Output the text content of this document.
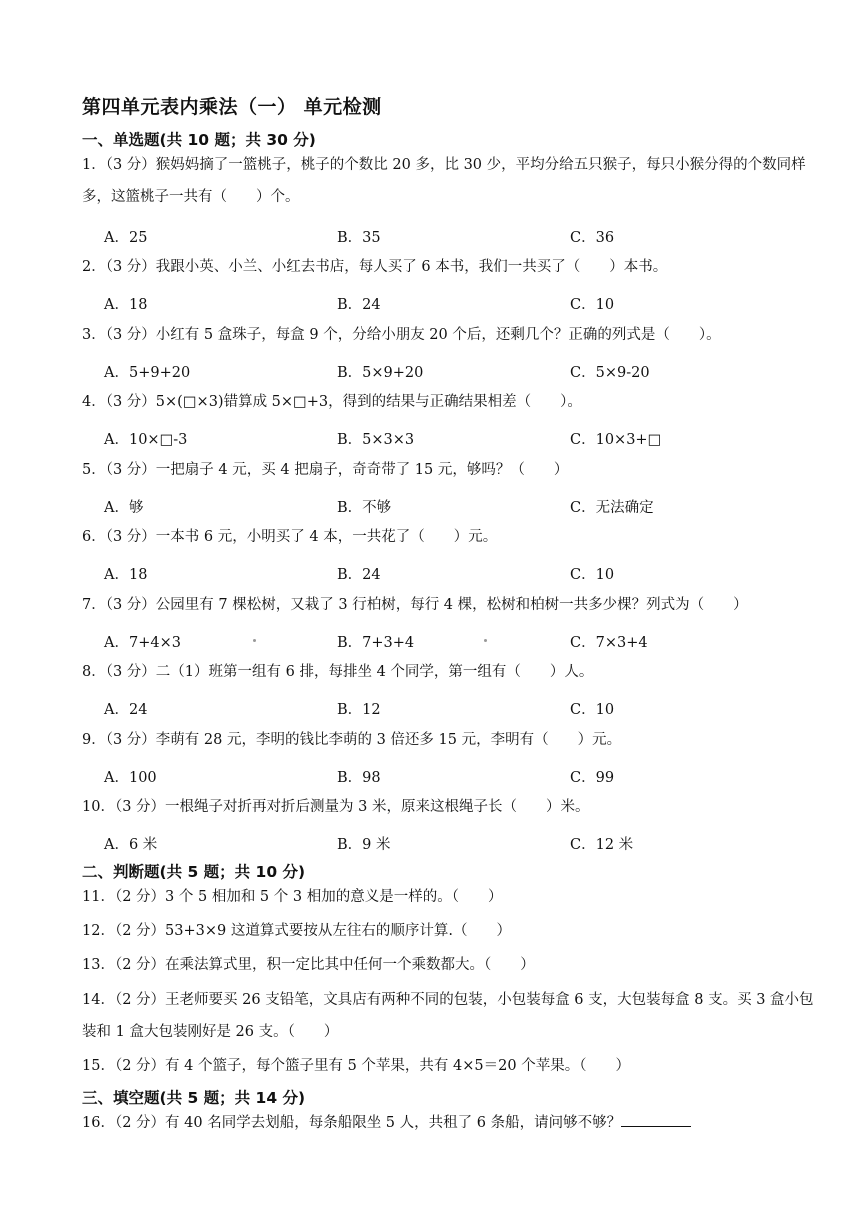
第四单元表内乘法（一） 单元检测
一、单选题(共 10 题；共 30 分)
1．（3 分）猴妈妈摘了一篮桃子，桃子的个数比 20 多，比 30 少，平均分给五只猴子，每只小猴分得的个数同样多，这篮桃子一共有（　　）个。
A．25	B．35	C．36
2．（3 分）我跟小英、小兰、小红去书店，每人买了 6 本书，我们一共买了（　　）本书。
A．18	B．24	C．10
3．（3 分）小红有 5 盒珠子，每盒 9 个，分给小朋友 20 个后，还剩几个？正确的列式是（　　）。
A．5+9+20	B．5×9+20	C．5×9-20
4．（3 分）5×(□×3)错算成 5×□+3，得到的结果与正确结果相差（　　）。
A．10×□-3	B．5×3×3	C．10×3+□
5．（3 分）一把扇子 4 元，买 4 把扇子，奇奇带了 15 元，够吗？（　　）
A．够	B．不够	C．无法确定
6．（3 分）一本书 6 元，小明买了 4 本，一共花了（　　）元。
A．18	B．24	C．10
7．（3 分）公园里有 7 棵松树，又栽了 3 行柏树，每行 4 棵，松树和柏树一共多少棵？列式为（　　）
A．7+4×3	B．7+3+4	C．7×3+4
8．（3 分）二（1）班第一组有 6 排，每排坐 4 个同学，第一组有（　　）人。
A．24	B．12	C．10
9．（3 分）李萌有 28 元，李明的钱比李萌的 3 倍还多 15 元，李明有（　　）元。
A．100	B．98	C．99
10．（3 分）一根绳子对折再对折后测量为 3 米，原来这根绳子长（　　）米。
A．6 米	B．9 米	C．12 米
二、判断题(共 5 题；共 10 分)
11．（2 分）3 个 5 相加和 5 个 3 相加的意义是一样的。（　　）
12．（2 分）53+3×9 这道算式要按从左往右的顺序计算.（　　）
13．（2 分）在乘法算式里，积一定比其中任何一个乘数都大。（　　）
14．（2 分）王老师要买 26 支铅笔，文具店有两种不同的包装，小包装每盒 6 支，大包装每盒 8 支。买 3 盒小包装和 1 盒大包装刚好是 26 支。（　　）
15．（2 分）有 4 个篮子，每个篮子里有 5 个苹果，共有 4×5＝20 个苹果。（　　）
三、填空题(共 5 题；共 14 分)
16．（2 分）有 40 名同学去划船，每条船限坐 5 人，共租了 6 条船，请问够不够？
